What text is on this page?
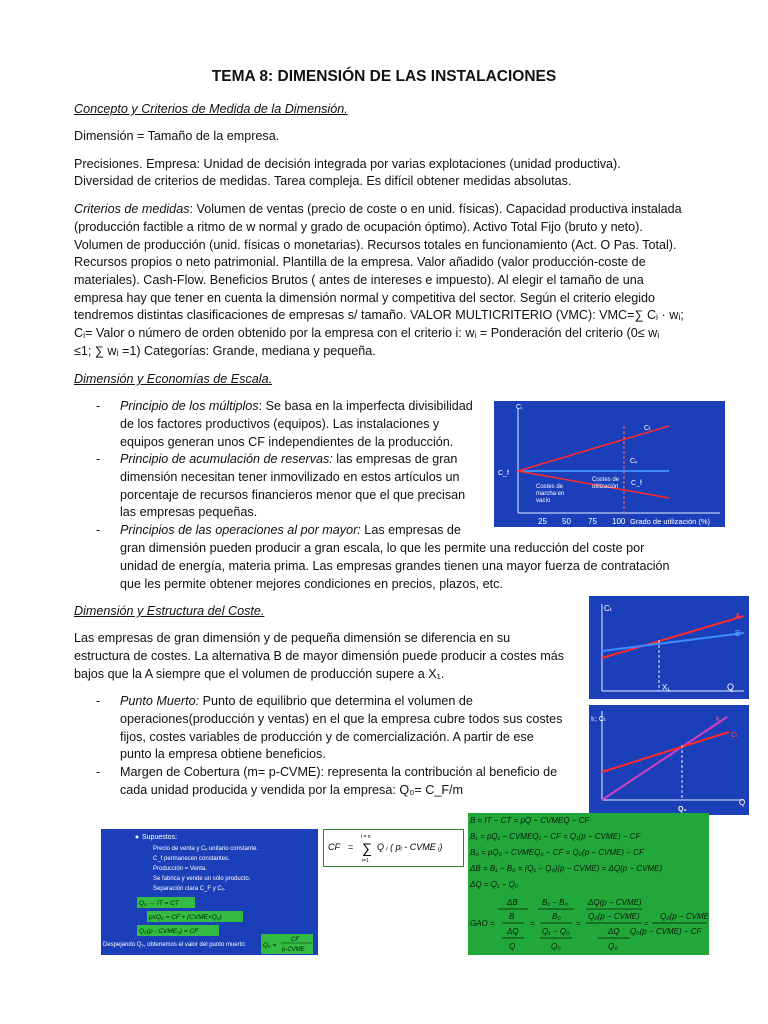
TEMA 8: DIMENSIÓN DE LAS INSTALACIONES
Concepto y Criterios de Medida de la Dimensión.
Dimensión = Tamaño de la empresa.
Precisiones. Empresa: Unidad de decisión integrada por varias explotaciones (unidad productiva).
Diversidad de criterios de medidas. Tarea compleja. Es difícil obtener medidas absolutas.
Criterios de medidas: Volumen de ventas (precio de coste o en unid. físicas). Capacidad productiva instalada
(producción factible a ritmo de w normal y grado de ocupación óptimo). Activo Total Fijo (bruto y neto).
Volumen de producción (unid. físicas o monetarias). Recursos totales en funcionamiento (Act. O Pas. Total).
Recursos propios o neto patrimonial. Plantilla de la empresa. Valor añadido (valor producción-coste de
materiales). Cash-Flow. Beneficios Brutos ( antes de intereses e impuesto). Al elegir el tamaño de una
empresa hay que tener en cuenta la dimensión normal y competitiva del sector. Según el criterio elegido
tendremos distintas clasificaciones de empresas s/ tamaño. VALOR MULTICRITERIO (VMC): VMC=∑ Cᵢ · wᵢ;
Cᵢ= Valor o número de orden obtenido por la empresa con el criterio i: wᵢ = Ponderación del criterio (0≤ wᵢ
≤1; ∑ wᵢ =1) Categorías: Grande, mediana y pequeña.
Dimensión y Economías de Escala.
- Principio de los múltiplos: Se basa en la imperfecta divisibilidad
de los factores productivos (equipos). Las instalaciones y
equipos generan unos CF independientes de la producción.
- Principio de acumulación de reservas: las empresas de gran
dimensión necesitan tener inmovilizado en estos artículos un
porcentaje de recursos financieros menor que el que precisan
las empresas pequeñas.
- Principios de las operaciones al por mayor: Las empresas de
gran dimensión pueden producir a gran escala, lo que les permite una reducción del coste por
unidad de energía, materia prima. Las empresas grandes tienen una mayor fuerza de contratación
que les permite obtener mejores condiciones en precios, plazos, etc.
Cᵢ
Cₜ
Cᵥ
C_f
C_f
Costes de
utilización
Costes de
marcha en
vacío
25 50 75 100 Grado de utilización (%)
Dimensión y Estructura del Coste.
Las empresas de gran dimensión y de pequeña dimensión se diferencia en su
estructura de costes. La alternativa B de mayor dimensión puede producir a costes más
bajos que la A siempre que el volumen de producción supere a X₁.
- Punto Muerto: Punto de equilibrio que determina el volumen de
operaciones(producción y ventas) en el que la empresa cubre todos sus costes
fijos, costes variables de producción y de comercialización. A partir de ese
punto la empresa obtiene beneficios.
- Margen de Cobertura (m= p-CVME): representa la contribución al beneficio de
cada unidad producida y vendida por la empresa: Q₀= C_F/m
Cₜ
A
B
X₁	Q
Iₜ; Cₜ	Iₜ
Cₜ
Q₀
Q
Supuestos:
Precio de venta y Cᵥ unitario constante.
C_f permanecen constantes.
Producción = Venta.
Se fabrica y vende un sólo producto.
Separación clara C_F y Cᵥ.
Q₀ → IT = CT
pxQ₀ = CF + (CVME×Q₀)
Q₀(p - CVME₀) = CF
Despejando Q₀, obtenemos el valor del punto muerto:	Q₀ =
CF
p-CVME
CF =
i = n
∑
i=1
Q ᵢ ( pᵢ - CVME ᵢ)
B = IT − CT = pQ − CVMEQ − CF
B₁ = pQ₁ − CVMEQ₁ − CF = Q₁(p − CVME) − CF
B₀ = pQ₀ − CVMEQ₀ − CF = Q₀(p − CVME) − CF
ΔB = B₁ − B₀ = (Q₁ − Q₀)(p − CVME) = ΔQ(p − CVME)
ΔQ = Q₁ − Q₀
GAO =
ΔB
B
ΔQ
Q
=
B₁ − B₀
B₀
Q₁ − Q₀
Q₀
=
ΔQ(p − CVME)
Q₀(p − CVME)
ΔQ
Q₀
=
Q₀(p − CVME)
Q₀(p − CVME) − CF
